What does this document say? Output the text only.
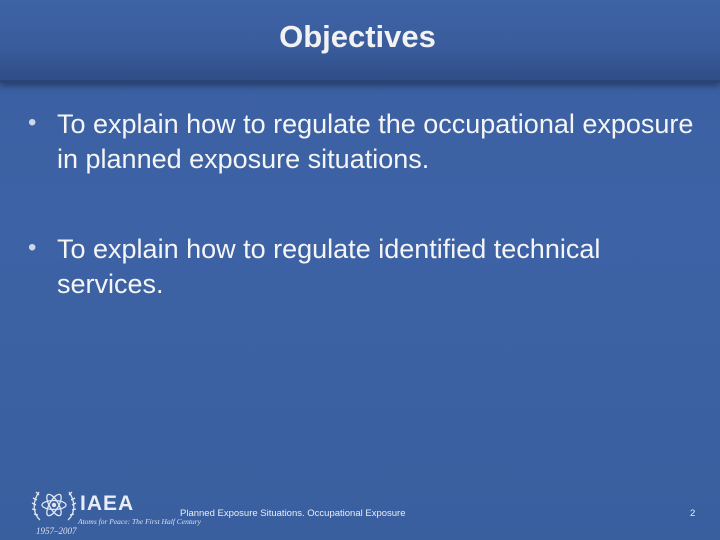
Objectives
• To explain how to regulate the occupational exposure in planned exposure situations.
• To explain how to regulate identified technical services.
IAEA
Atoms for Peace: The First Half Century
1957–2007
Planned Exposure Situations. Occupational Exposure	2
